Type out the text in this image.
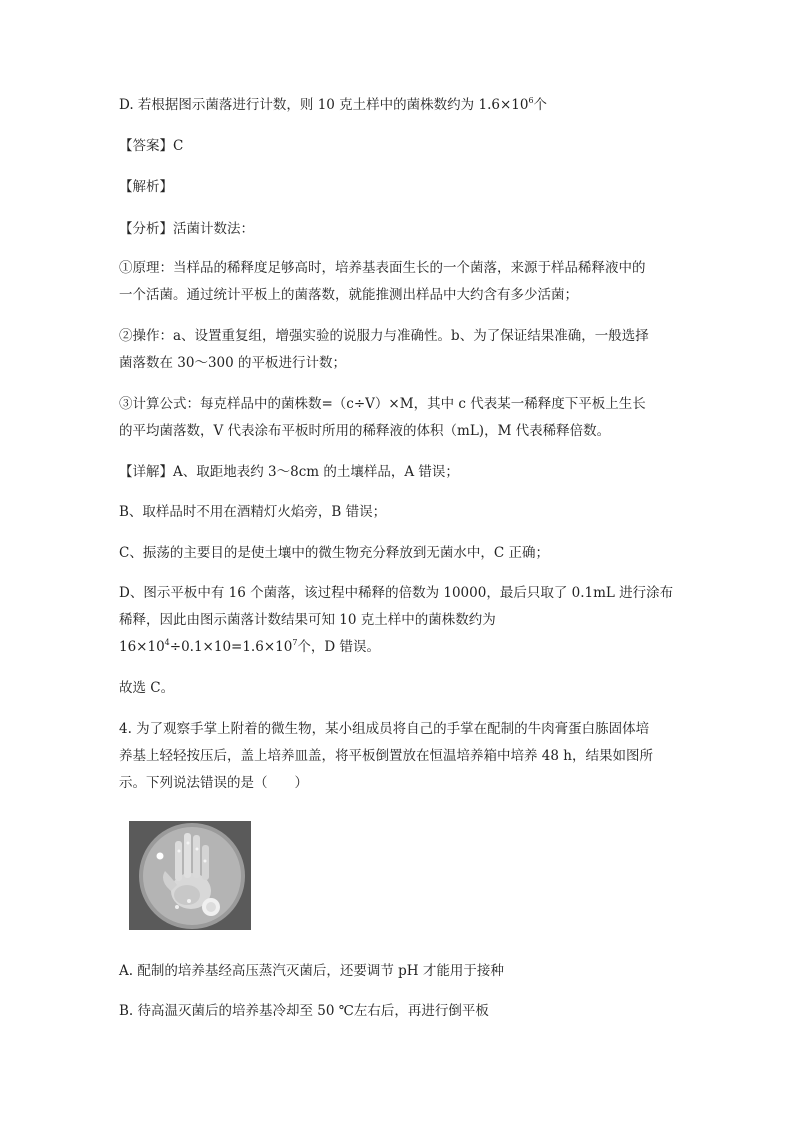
D. 若根据图示菌落进行计数，则 10 克土样中的菌株数约为 $1.6\times 10^6$个
【答案】C
【解析】
【分析】活菌计数法：
①原理：当样品的稀释度足够高时，培养基表面生长的一个菌落，来源于样品稀释液中的
一个活菌。通过统计平板上的菌落数，就能推测出样品中大约含有多少活菌；
②操作：a、设置重复组，增强实验的说服力与准确性。b、为了保证结果准确，一般选择
菌落数在 30～300 的平板进行计数；
③计算公式：每克样品中的菌株数=（c÷V）×M，其中 c 代表某一稀释度下平板上生长
的平均菌落数，V 代表涂布平板时所用的稀释液的体积（mL)，M 代表稀释倍数。
【详解】A、取距地表约 3～8cm 的土壤样品，A 错误；
B、取样品时不用在酒精灯火焰旁，B 错误；
C、振荡的主要目的是使土壤中的微生物充分释放到无菌水中，C 正确；
D、图示平板中有 16 个菌落，该过程中稀释的倍数为 10000，最后只取了 0.1mL 进行涂布
稀释，因此由图示菌落计数结果可知 10 克土样中的菌株数约为
$16\times 10^4\div 0.1\times 10=1.6\times 10^7$个，D 错误。
故选 C。
4. 为了观察手掌上附着的微生物，某小组成员将自己的手掌在配制的牛肉膏蛋白胨固体培
养基上轻轻按压后，盖上培养皿盖，将平板倒置放在恒温培养箱中培养 48 h，结果如图所
示。下列说法错误的是（　　）
A. 配制的培养基经高压蒸汽灭菌后，还要调节 pH 才能用于接种
B. 待高温灭菌后的培养基冷却至 50 ℃左右后，再进行倒平板
